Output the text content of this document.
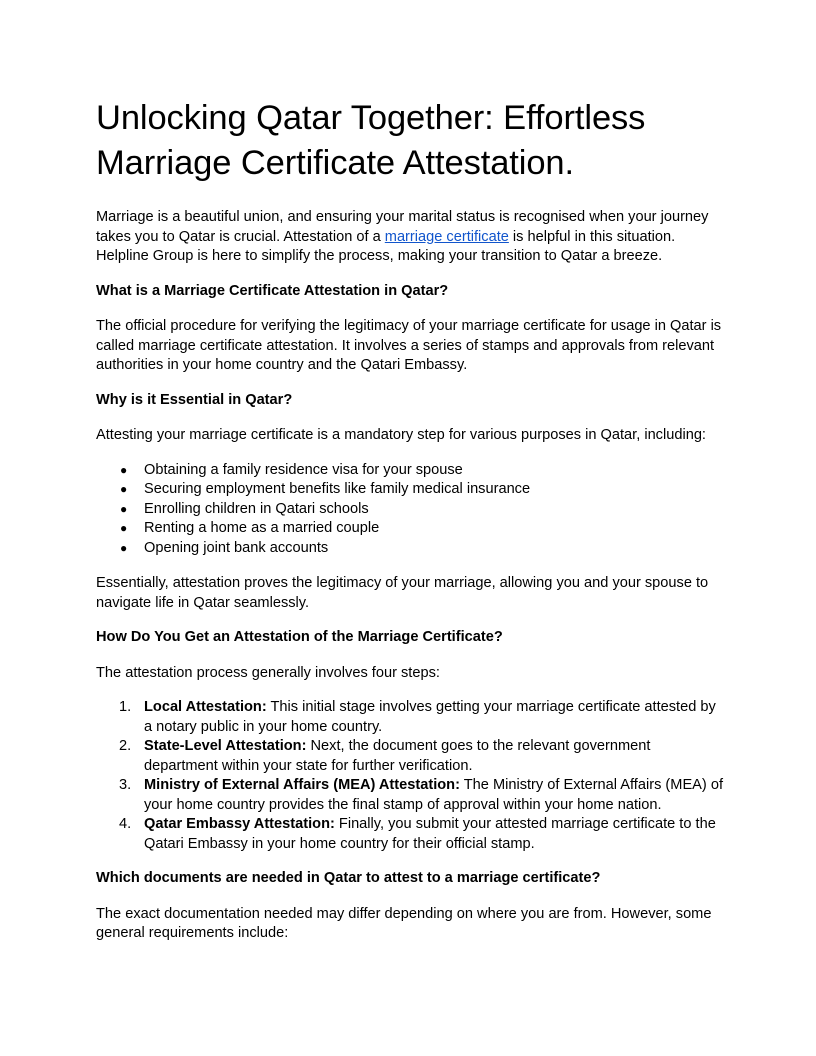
Unlocking Qatar Together: Effortless Marriage Certificate Attestation.

Marriage is a beautiful union, and ensuring your marital status is recognised when your journey takes you to Qatar is crucial. Attestation of a marriage certificate is helpful in this situation. Helpline Group is here to simplify the process, making your transition to Qatar a breeze.

What is a Marriage Certificate Attestation in Qatar?

The official procedure for verifying the legitimacy of your marriage certificate for usage in Qatar is called marriage certificate attestation. It involves a series of stamps and approvals from relevant authorities in your home country and the Qatari Embassy.

Why is it Essential in Qatar?

Attesting your marriage certificate is a mandatory step for various purposes in Qatar, including:

● Obtaining a family residence visa for your spouse
● Securing employment benefits like family medical insurance
● Enrolling children in Qatari schools
● Renting a home as a married couple
● Opening joint bank accounts

Essentially, attestation proves the legitimacy of your marriage, allowing you and your spouse to navigate life in Qatar seamlessly.

How Do You Get an Attestation of the Marriage Certificate?

The attestation process generally involves four steps:

1. Local Attestation: This initial stage involves getting your marriage certificate attested by a notary public in your home country.
2. State-Level Attestation: Next, the document goes to the relevant government department within your state for further verification.
3. Ministry of External Affairs (MEA) Attestation: The Ministry of External Affairs (MEA) of your home country provides the final stamp of approval within your home nation.
4. Qatar Embassy Attestation: Finally, you submit your attested marriage certificate to the Qatari Embassy in your home country for their official stamp.

Which documents are needed in Qatar to attest to a marriage certificate?

The exact documentation needed may differ depending on where you are from. However, some general requirements include:
